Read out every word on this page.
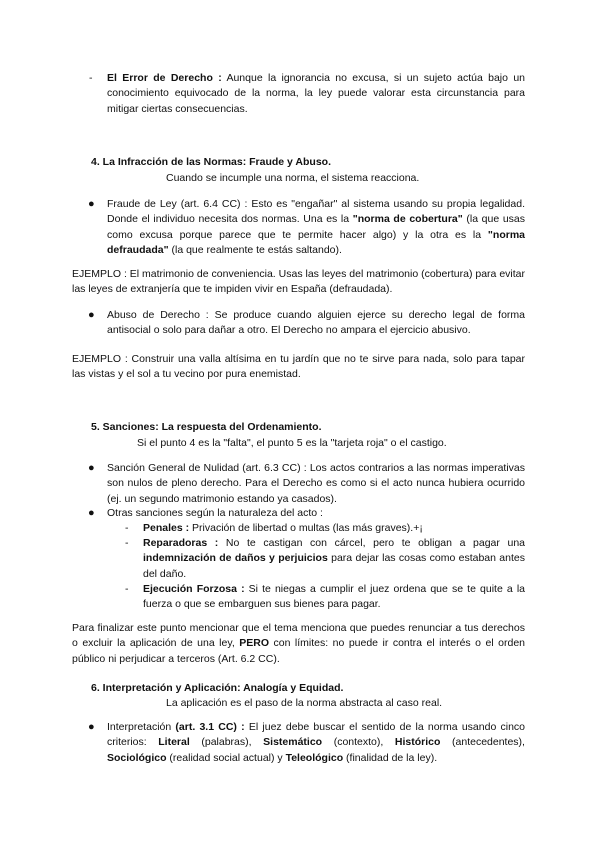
- El Error de Derecho : Aunque la ignorancia no excusa, si un sujeto actúa bajo un conocimiento equivocado de la norma, la ley puede valorar esta circunstancia para mitigar ciertas consecuencias.
4. La Infracción de las Normas: Fraude y Abuso.
Cuando se incumple una norma, el sistema reacciona.
● Fraude de Ley (art. 6.4 CC) : Esto es "engañar" al sistema usando su propia legalidad. Donde el individuo necesita dos normas. Una es la "norma de cobertura" (la que usas como excusa porque parece que te permite hacer algo) y la otra es la "norma defraudada" (la que realmente te estás saltando).
EJEMPLO : El matrimonio de conveniencia. Usas las leyes del matrimonio (cobertura) para evitar las leyes de extranjería que te impiden vivir en España (defraudada).
● Abuso de Derecho : Se produce cuando alguien ejerce su derecho legal de forma antisocial o solo para dañar a otro. El Derecho no ampara el ejercicio abusivo.
EJEMPLO : Construir una valla altísima en tu jardín que no te sirve para nada, solo para tapar las vistas y el sol a tu vecino por pura enemistad.
5. Sanciones: La respuesta del Ordenamiento.
Si el punto 4 es la "falta", el punto 5 es la "tarjeta roja" o el castigo.
● Sanción General de Nulidad (art. 6.3 CC) : Los actos contrarios a las normas imperativas son nulos de pleno derecho. Para el Derecho es como si el acto nunca hubiera ocurrido (ej. un segundo matrimonio estando ya casados).
● Otras sanciones según la naturaleza del acto :
- Penales : Privación de libertad o multas (las más graves).+¡
- Reparadoras : No te castigan con cárcel, pero te obligan a pagar una indemnización de daños y perjuicios para dejar las cosas como estaban antes del daño.
- Ejecución Forzosa : Si te niegas a cumplir el juez ordena que se te quite a la fuerza o que se embarguen sus bienes para pagar.
Para finalizar este punto mencionar que el tema menciona que puedes renunciar a tus derechos o excluir la aplicación de una ley, PERO con límites: no puede ir contra el interés o el orden público ni perjudicar a terceros (Art. 6.2 CC).
6. Interpretación y Aplicación: Analogía y Equidad.
La aplicación es el paso de la norma abstracta al caso real.
● Interpretación (art. 3.1 CC) : El juez debe buscar el sentido de la norma usando cinco criterios: Literal (palabras), Sistemático (contexto), Histórico (antecedentes), Sociológico (realidad social actual) y Teleológico (finalidad de la ley).
